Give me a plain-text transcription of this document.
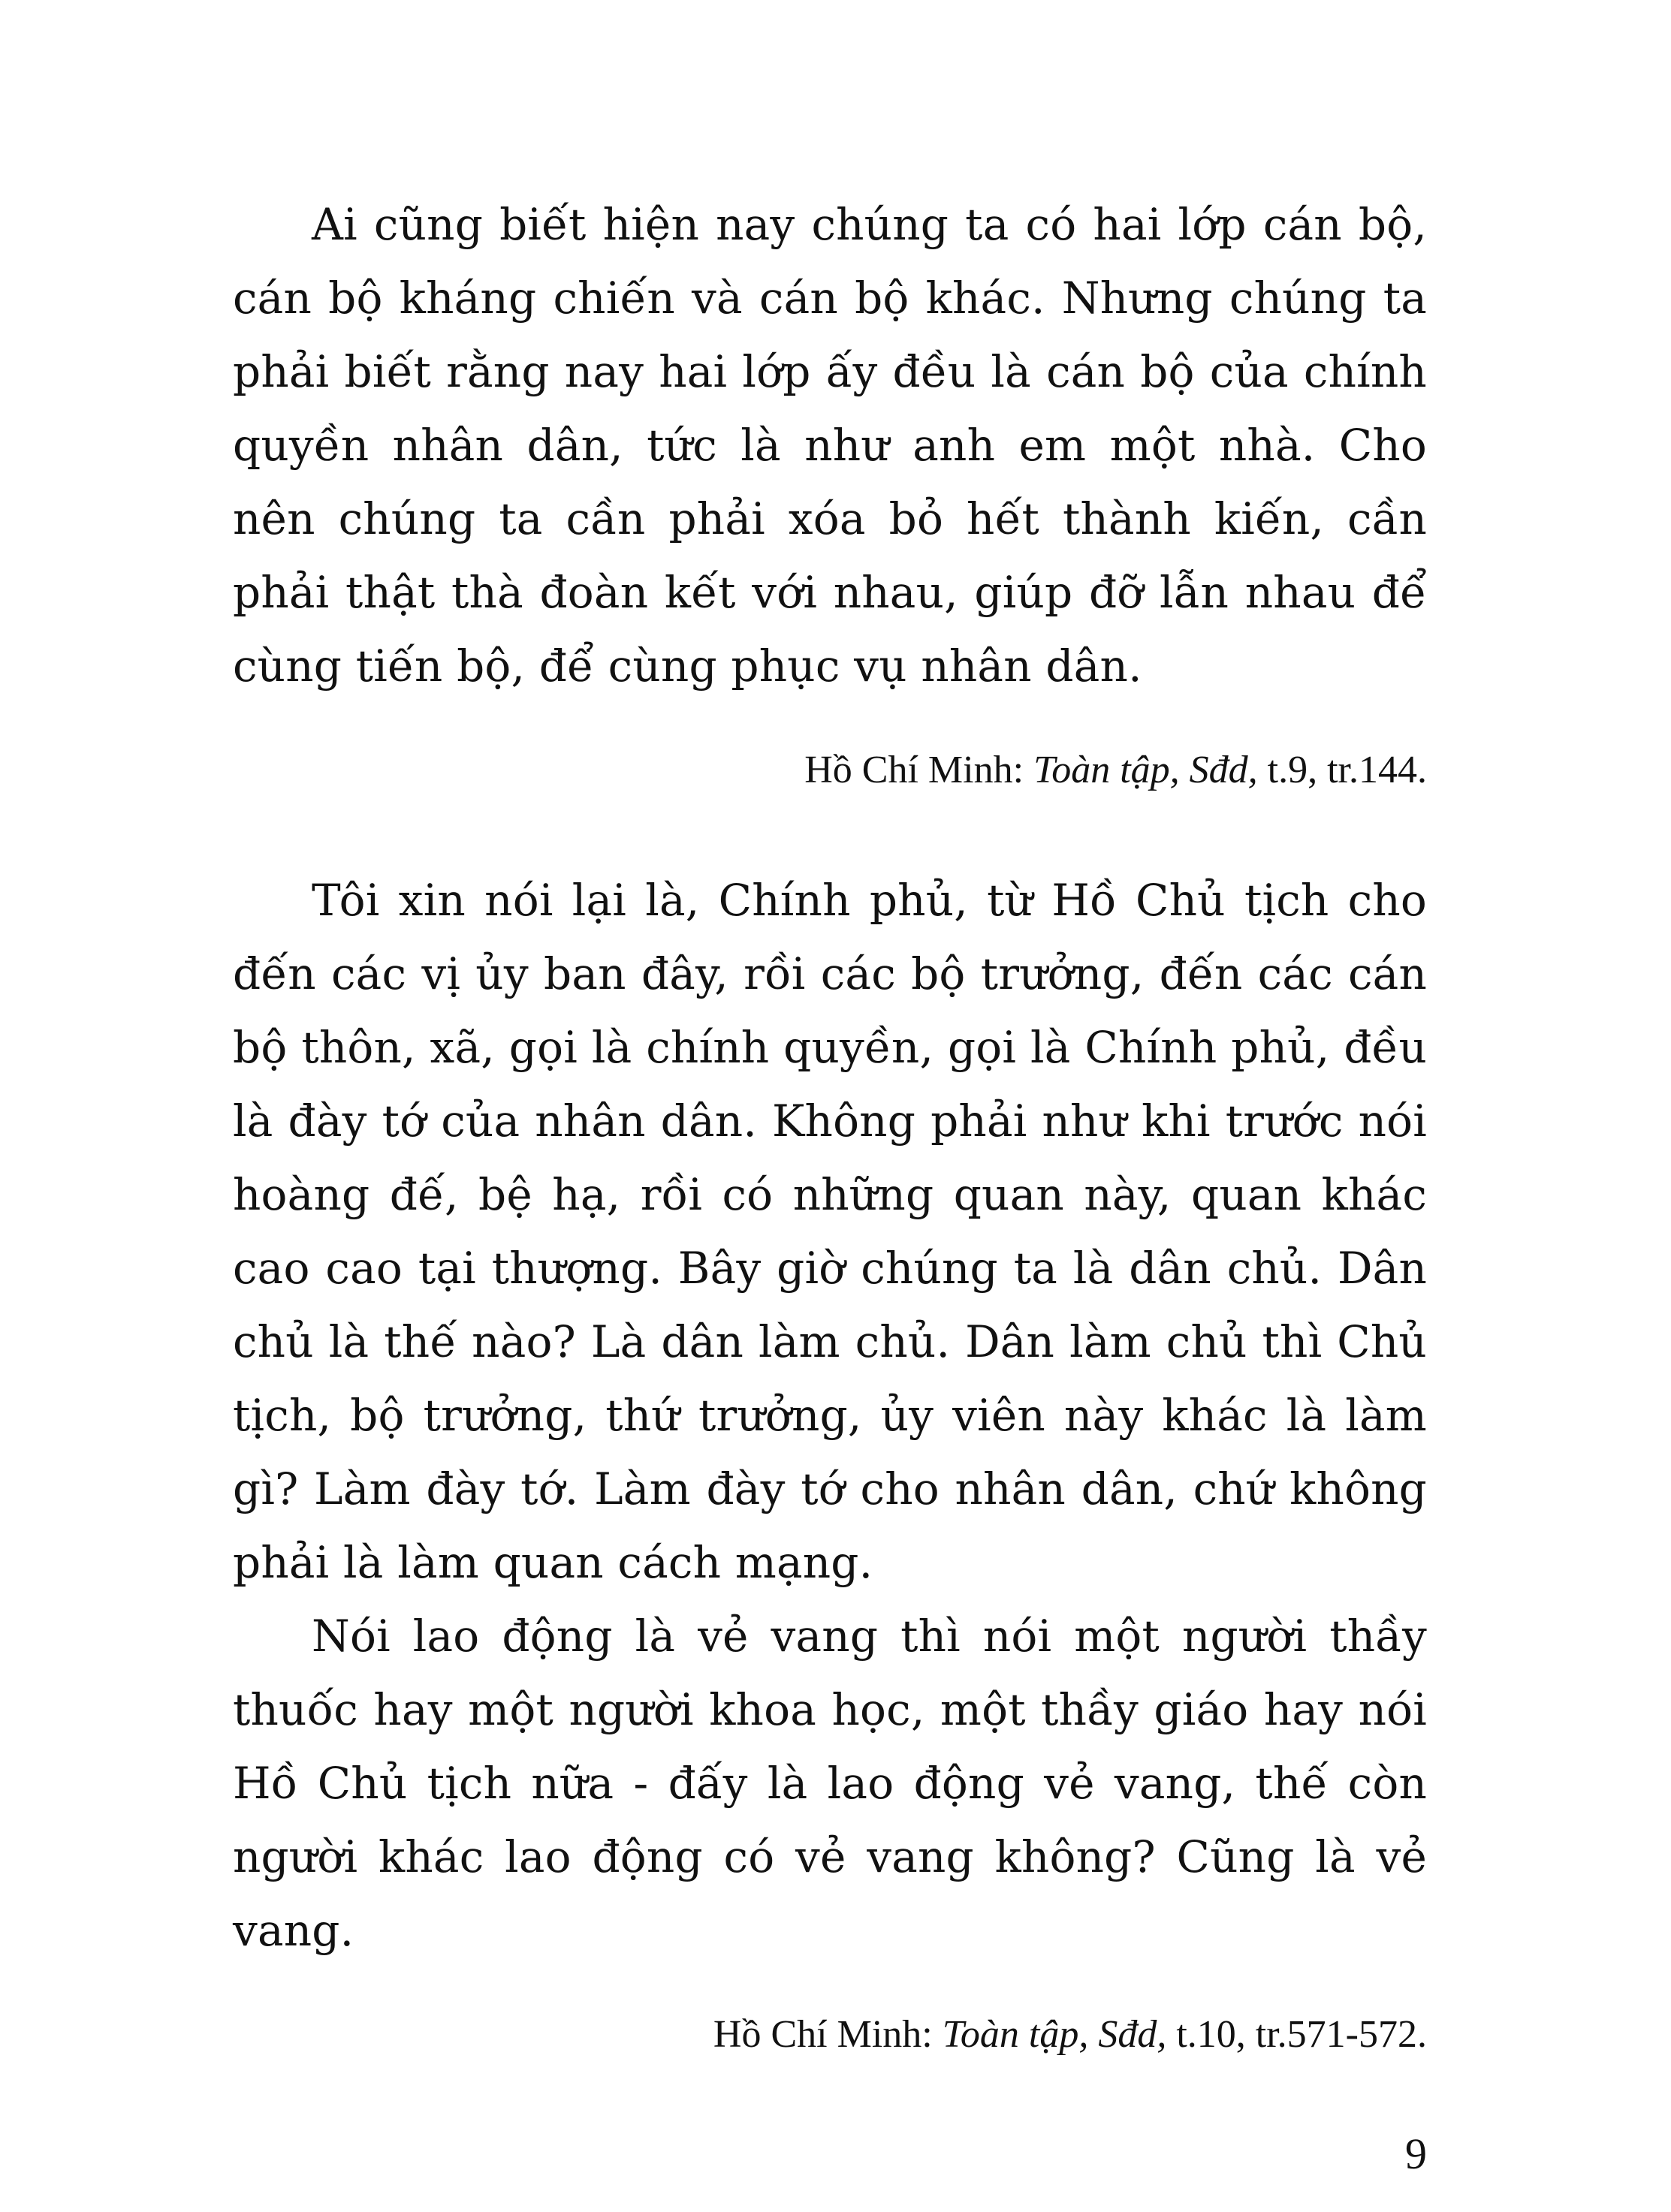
Ai cũng biết hiện nay chúng ta có hai lớp cán bộ, cán bộ kháng chiến và cán bộ khác. Nhưng chúng ta phải biết rằng nay hai lớp ấy đều là cán bộ của chính quyền nhân dân, tức là như anh em một nhà. Cho nên chúng ta cần phải xóa bỏ hết thành kiến, cần phải thật thà đoàn kết với nhau, giúp đỡ lẫn nhau để cùng tiến bộ, để cùng phục vụ nhân dân.

Hồ Chí Minh: Toàn tập, Sđd, t.9, tr.144.

Tôi xin nói lại là, Chính phủ, từ Hồ Chủ tịch cho đến các vị ủy ban đây, rồi các bộ trưởng, đến các cán bộ thôn, xã, gọi là chính quyền, gọi là Chính phủ, đều là đày tớ của nhân dân. Không phải như khi trước nói hoàng đế, bệ hạ, rồi có những quan này, quan khác cao cao tại thượng. Bây giờ chúng ta là dân chủ. Dân chủ là thế nào? Là dân làm chủ. Dân làm chủ thì Chủ tịch, bộ trưởng, thứ trưởng, ủy viên này khác là làm gì? Làm đày tớ. Làm đày tớ cho nhân dân, chứ không phải là làm quan cách mạng.

Nói lao động là vẻ vang thì nói một người thầy thuốc hay một người khoa học, một thầy giáo hay nói Hồ Chủ tịch nữa - đấy là lao động vẻ vang, thế còn người khác lao động có vẻ vang không? Cũng là vẻ vang.

Hồ Chí Minh: Toàn tập, Sđd, t.10, tr.571-572.

9
